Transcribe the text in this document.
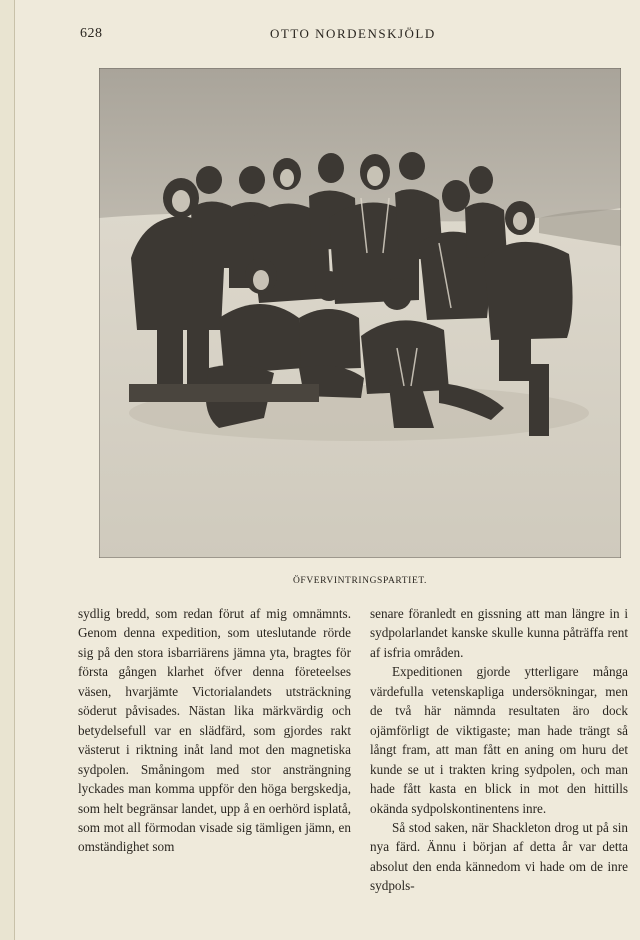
628	OTTO NORDENSKJÖLD
ÖFVERVINTRINGSPARTIET.

sydlig bredd, som redan förut af mig omnämnts. Genom denna expedition, som uteslutande rörde sig på den stora isbarriärens jämna yta, bragtes för första gången klarhet öfver denna företeelses väsen, hvarjämte Victorialandets utsträckning söderut påvisades. Nästan lika märkvärdig och betydelsefull var en slädfärd, som gjordes rakt västerut i riktning inåt land mot den magnetiska sydpolen. Småningom med stor ansträngning lyckades man komma uppför den höga bergskedja, som helt begränsar landet, upp å en oerhörd isplatå, som mot all förmodan visade sig tämligen jämn, en omständighet som

senare föranledt en gissning att man längre in i sydpolarlandet kanske skulle kunna påträffa rent af isfria områden.

Expeditionen gjorde ytterligare många värdefulla vetenskapliga undersökningar, men de två här nämnda resultaten äro dock ojämförligt de viktigaste; man hade trängt så långt fram, att man fått en aning om huru det kunde se ut i trakten kring sydpolen, och man hade fått kasta en blick in mot den hittills okända sydpolskontinentens inre.

Så stod saken, när Shackleton drog ut på sin nya färd. Ännu i början af detta år var detta absolut den enda kännedom vi hade om de inre sydpols-
